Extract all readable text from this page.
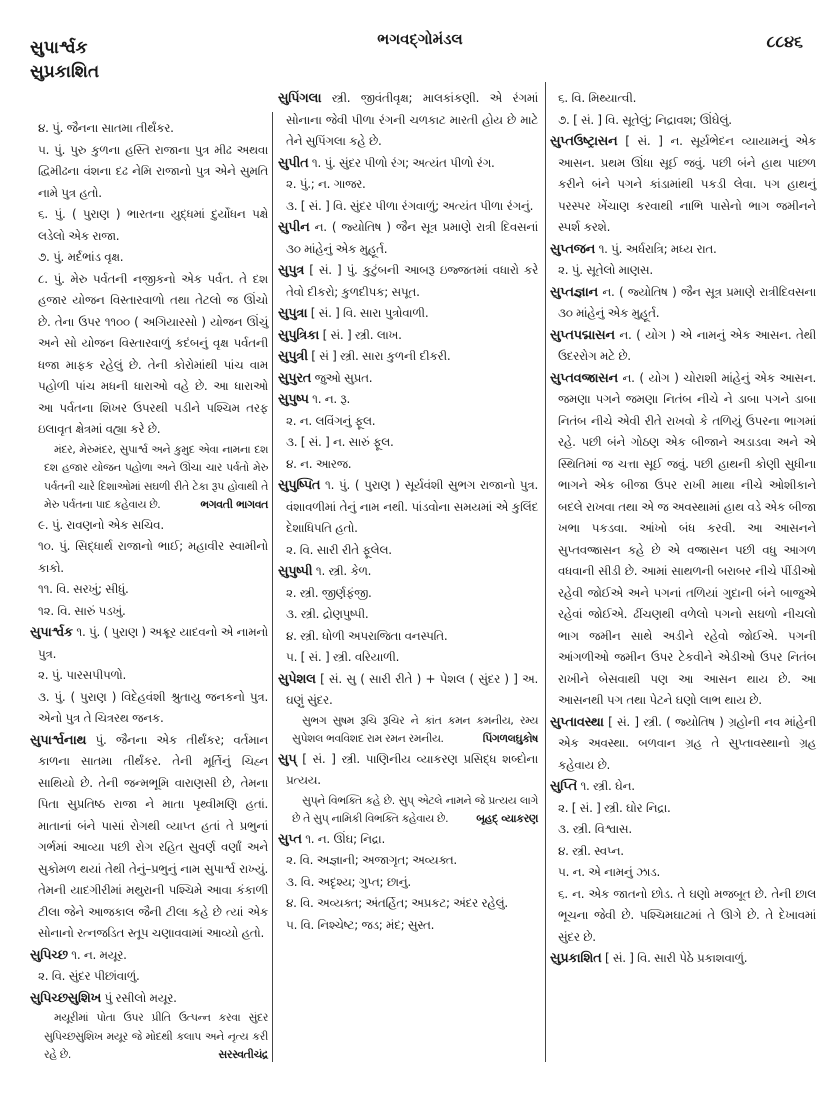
સુપાર્શ્વક
સુપ્રકાશિત
ભગવદ્ગોમંડલ	૮૮૪૬
૪. પું. જૈનના સાતમા તીર્થંકર.
૫. પું. પુરુ કુળના હસ્તિ રાજાના પુત્ર મીઢ અથવા દ્વિમીઢના વંશના દઢ નેમિ રાજાનો પુત્ર એને સુમતિ નામે પુત્ર હતો.
૬. પું. ( પુરાણ ) ભારતના યુદ્ધમાં દુર્યોધન પક્ષે લડેલો એક રાજા.
૭. પું. મર્દભાંડ વૃક્ષ.
૮. પું. મેરુ પર્વતની નજીકનો એક પર્વત. તે દશ હજાર યોજન વિસ્તારવાળો તથા તેટલો જ ઊંચો છે. તેના ઉપર ૧૧૦૦ ( અગિયારસો ) યોજન ઊંચું અને સો યોજન વિસ્તારવાળું કદંબનું વૃક્ષ પર્વતની ધજા માફક રહેલું છે. તેની કોરોમાંથી પાંચ વામ પહોળી પાંચ મધની ધારાઓ વહે છે. આ ધારાઓ આ પર્વતના શિખર ઉપરથી પડીને પશ્ચિમ તરફ ઇલાવૃત ક્ષેત્રમાં વહ્યા કરે છે.
મંદર, મેરુમંદર, સુપાર્શ્વ અને કુમુદ એવા નામના દશ દશ હજાર યોજન પહોળા અને ઊંચા ચાર પર્વતો મેરુ પર્વતની ચારે દિશાઓમાં સઘળી રીતે ટેકા રૂપ હોવાથી તે મેરુ પર્વતના પાદ કહેવાય છે.	ભગવતી ભાગવત
૯. પું. રાવણનો એક સચિવ.
૧૦. પું. સિદ્ધાર્થ રાજાનો ભાઈ; મહાવીર સ્વામીનો કાકો.
૧૧. વિ. સરખું; સીધું.
૧૨. વિ. સારું પડખું.
સુપાર્શ્વક ૧. પું. ( પુરાણ ) અક્રૂર યાદવનો એ નામનો પુત્ર.
૨. પું. પારસપીપળો.
૩. પું. ( પુરાણ ) વિદેહવંશી શ્રુતાયુ જનકનો પુત્ર. એનો પુત્ર તે ચિત્રરથ જનક.
સુપાર્શ્વનાથ પું. જૈનના એક તીર્થંકર; વર્તમાન કાળના સાતમા તીર્થંકર. તેની મૂર્તિનું ચિહ્ન સાથિયો છે. તેની જન્મભૂમિ વારાણસી છે, તેમના પિતા સુપ્રતિષ્ઠ રાજા ને માતા પૃથ્વીમણિ હતાં. માતાનાં બંને પાસાં રોગથી વ્યાપ્ત હતાં તે પ્રભુનાં ગર્ભમાં આવ્યા પછી રોગ રહિત સુવર્ણ વર્ણાં અને સુકોમળ થયાં તેથી તેનું–પ્રભુનું નામ સુપાર્શ્વ રાખ્યું. તેમની યાદગીરીમાં મથુરાની પશ્ચિમે આવા કંકાળી ટીલા જેને આજકાલ જૈની ટીલા કહે છે ત્યાં એક સોનાનો રત્નજડિત સ્તૂપ ચણાવવામાં આવ્યો હતો.
સુપિચ્છ ૧. ન. મયૂર.
૨. વિ. સુંદર પીછાંવાળું.
સુપિચ્છસુશિખ પું રસીલો મયૂર.
મયૂરીમાં પોતા ઉપર પ્રીતિ ઉત્પન્ન કરવા સુંદર સુપિચ્છસુશિખ મયૂર જે મોદથી કલાપ અને નૃત્ય કરી રહે છે.	સરસ્વતીચંદ્ર
સુપિંગલા સ્ત્રી. જીવંતીવૃક્ષ; માલકાંકણી. એ રંગમાં સોનાના જેવી પીળા રંગની ચળકાટ મારતી હોય છે માટે તેને સુપિંગલા કહે છે.
સુપીત ૧. પું. સુંદર પીળો રંગ; અત્યંત પીળો રંગ.
૨. પું.; ન. ગાજર.
૩. [ સં. ] વિ. સુંદર પીળા રંગવાળું; અત્યંત પીળા રંગનું.
સુપીન ન. ( જ્યોતિષ ) જૈન સૂત્ર પ્રમાણે રાત્રી દિવસનાં ૩૦ માંહેનું એક મુહૂર્ત.
સુપુત્ર [ સં. ] પું. કુટુંબની આબરૂ ઇજ્જતમાં વધારો કરે તેવો દીકરો; કુળદીપક; સપૂત.
સુપુત્રા [ સં. ] વિ. સારા પુત્રોવાળી.
સુપુત્રિકા [ સં. ] સ્ત્રી. લાખ.
સુપુત્રી [ સં ] સ્ત્રી. સારા કુળની દીકરી.
સુપુરત જુઓ સુપ્રત.
સુપુષ્પ ૧. ન. રૂ.
૨. ન. લવિંગનું ફૂલ.
૩. [ સં. ] ન. સારું ફૂલ.
૪. ન. આરજ.
સુપુષ્પિત ૧. પું. ( પુરાણ ) સૂર્યવંશી સુભગ રાજાનો પુત્ર. વંશાવળીમાં તેનું નામ નથી. પાંડવોના સમયમાં એ કુલિંદ દેશાધિપતિ હતો.
૨. વિ. સારી રીતે ફૂલેલ.
સુપુષ્પી ૧. સ્ત્રી. કેળ.
૨. સ્ત્રી. જીર્ણફંજી.
૩. સ્ત્રી. દ્રોણપુષ્પી.
૪. સ્ત્રી. ધોળી અપરાજિતા વનસ્પતિ.
૫. [ સં. ] સ્ત્રી. વરિયાળી.
સુપેશલ [ સં. સુ ( સારી રીતે ) + પેશલ ( સુંદર ) ] અ. ઘણું સુંદર.
સુભગ સુષમ રૂચિ રૂચિર ને કાંત કમન કમનીય, રમ્ય સુપેશલ ભવવિશદ રામ રમન રમનીય.	પિંગળલઘુકોષ
સુપ્ [ સં. ] સ્ત્રી. પાણિનીય વ્યાકરણ પ્રસિદ્ધ શબ્દોના પ્રત્યય.
સુપ્‌ને વિભક્તિ કહે છે. સુપ્ એટલે નામને જે પ્રત્યય લાગે છે તે સુપ્ નામિકી વિભક્તિ કહેવાય છે.	બૃહદ્ વ્યાકરણ
સુપ્ત ૧. ન. ઊંઘ; નિદ્રા.
૨. વિ. અજ્ઞાની; અજાગૃત; અવ્યક્ત.
૩. વિ. અદૃશ્ય; ગુપ્ત; છાનું.
૪. વિ. અવ્યક્ત; અંતર્હિત; અપ્રકટ; અંદર રહેલું.
૫. વિ. નિશ્ચેષ્ટ; જડ; મંદ; સુસ્ત.
૬. વિ. મિથ્યાત્વી.
૭. [ સં. ] વિ. સૂતેલું; નિદ્રાવશ; ઊંઘેલું.
સુપ્તઉષ્ટ્રાસન [ સં. ] ન. સૂર્યભેદન વ્યાયામનું એક આસન. પ્રથમ ઊંધા સૂઈ જવું. પછી બંને હાથ પાછળ કરીને બંને પગને કાંડામાંથી પકડી લેવા. પગ હાથનું પરસ્પર ખેંચાણ કરવાથી નાભિ પાસેનો ભાગ જમીનને સ્પર્શ કરશે.
સુપ્તજન ૧. પું. અર્ધરાત્રિ; મધ્ય રાત.
૨. પું. સૂતેલો માણસ.
સુપ્તજ્ઞાન ન. ( જ્યોતિષ ) જૈન સૂત્ર પ્રમાણે રાત્રીદિવસના ૩૦ માંહેનું એક મુહૂર્ત.
સુપ્તપદ્માસન ન. ( યોગ ) એ નામનું એક આસન. તેથી ઉદરરોગ મટે છે.
સુપ્તવજ્રાસન ન. ( યોગ ) ચોરાશી માંહેનું એક આસન. જમણા પગને જમણા નિતંબ નીચે ને ડાબા પગને ડાબા નિતંબ નીચે એવી રીતે રાખવો કે તળિયું ઉપરના ભાગમાં રહે. પછી બંને ગોઠણ એક બીજાને અડાડવા અને એ સ્થિતિમાં જ ચત્તા સૂઈ જવું. પછી હાથની કોણી સુધીના ભાગને એક બીજા ઉપર રાખી માથા નીચે ઓશીકાને બદલે રાખવા તથા એ જ અવસ્થામાં હાથ વડે એક બીજા ખભા પકડવા. આંખો બંધ કરવી. આ આસનને સુપ્તવજ્રાસન કહે છે એ વજ્રાસન પછી વધુ આગળ વધવાની સીડી છે. આમાં સાથળની બરાબર નીચે પીંડીઓ રહેવી જોઈએ અને પગનાં તળિયાં ગુદાની બંને બાજુએ રહેવાં જોઈએ. ઢીંચણથી વળેલો પગનો સઘળો નીચલો ભાગ જમીન સાથે અડીને રહેવો જોઈએ. પગની આંગળીઓ જમીન ઉપર ટેકવીને એડીઓ ઉપર નિતંબ રાખીને બેસવાથી પણ આ આસન થાય છે. આ આસનથી પગ તથા પેટને ઘણો લાભ થાય છે.
સુપ્તાવસ્થા [ સં. ] સ્ત્રી. ( જ્યોતિષ ) ગ્રહોની નવ માંહેની એક અવસ્થા. બળવાન ગ્રહ તે સુપ્તાવસ્થાનો ગ્રહ કહેવાય છે.
સુપ્તિ ૧. સ્ત્રી. ઘેન.
૨. [ સં. ] સ્ત્રી. ઘોર નિદ્રા.
૩. સ્ત્રી. વિશ્વાસ.
૪. સ્ત્રી. સ્વપ્ન.
૫. ન. એ નામનું ઝાડ.
૬. ન. એક જાતનો છોડ. તે ઘણો મજબૂત છે. તેની છાલ ભૂચના જેવી છે. પશ્ચિમઘાટમાં તે ઊગે છે. તે દેખાવમાં સુંદર છે.
સુપ્રકાશિત [ સં. ] વિ. સારી પેઠે પ્રકાશવાળું.
